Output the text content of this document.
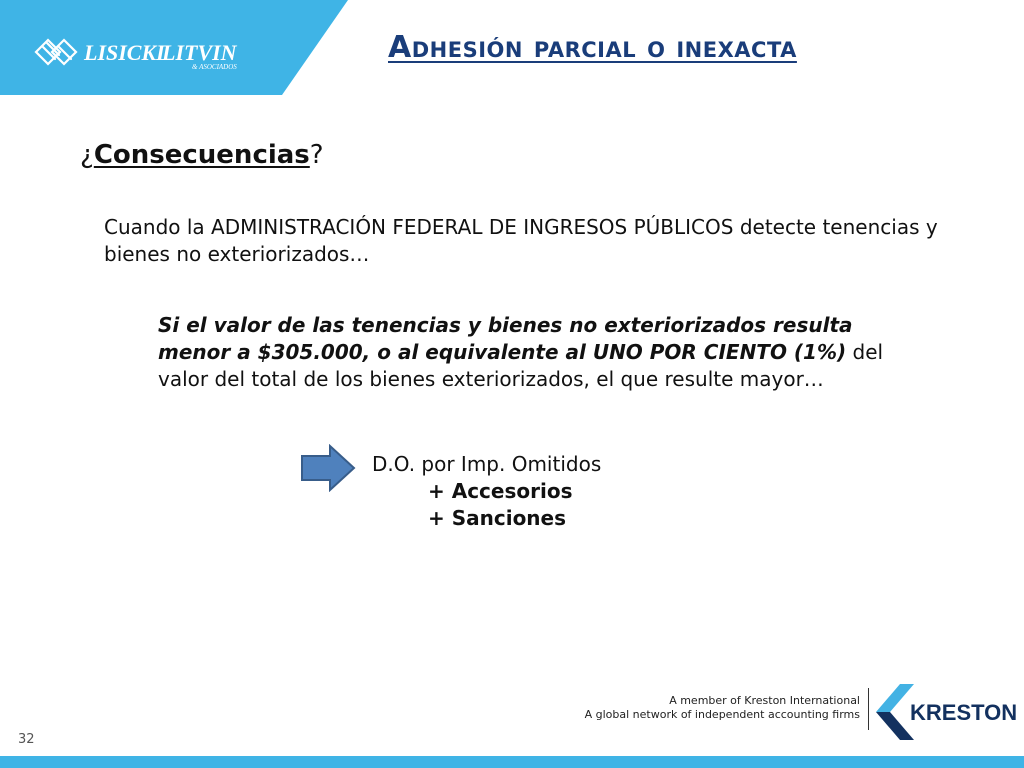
LISICKI
LITVIN
& ASOCIADOS
Adhesión parcial o inexacta
¿Consecuencias?
Cuando la ADMINISTRACIÓN FEDERAL DE INGRESOS PÚBLICOS detecte tenencias y bienes no exteriorizados…
Si el valor de las tenencias y bienes no exteriorizados resulta menor a $305.000, o al equivalente al UNO POR CIENTO (1%) del valor del total de los bienes exteriorizados, el que resulte mayor…
D.O. por Imp. Omitidos
+ Accesorios
+ Sanciones
A member of Kreston International
A global network of independent accounting firms KRESTON
32
